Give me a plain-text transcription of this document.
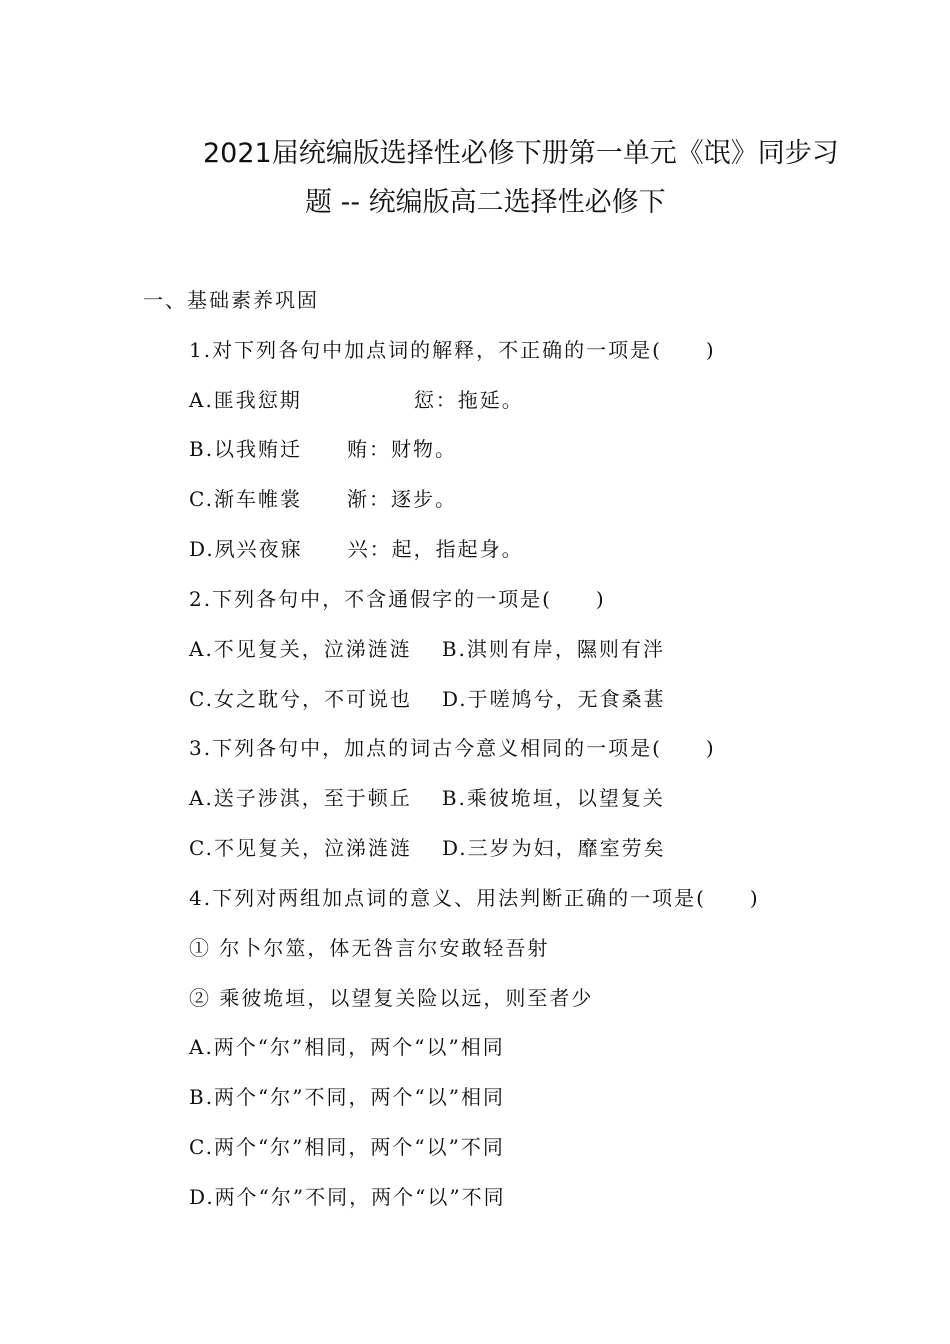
2021届统编版选择性必修下册第一单元《氓》同步习
题 -- 统编版高二选择性必修下
一、基础素养巩固
1.对下列各句中加点词的解释，不正确的一项是(　　)
A.匪我愆期	愆：拖延。
B.以我贿迁 贿：财物。
C.渐车帷裳 渐：逐步。
D.夙兴夜寐 兴：起，指起身。
2.下列各句中，不含通假字的一项是(　　)
A.不见复关，泣涕涟涟 B.淇则有岸，隰则有泮
C.女之耽兮，不可说也 D.于嗟鸠兮，无食桑葚
3.下列各句中，加点的词古今意义相同的一项是(　　)
A.送子涉淇，至于顿丘 B.乘彼垝垣，以望复关
C.不见复关，泣涕涟涟 D.三岁为妇，靡室劳矣
4.下列对两组加点词的意义、用法判断正确的一项是(　　)
① 尔卜尔筮，体无咎言尔安敢轻吾射
② 乘彼垝垣，以望复关险以远，则至者少
A.两个“尔”相同，两个“以”相同
B.两个“尔”不同，两个“以”相同
C.两个“尔”相同，两个“以”不同
D.两个“尔”不同，两个“以”不同
